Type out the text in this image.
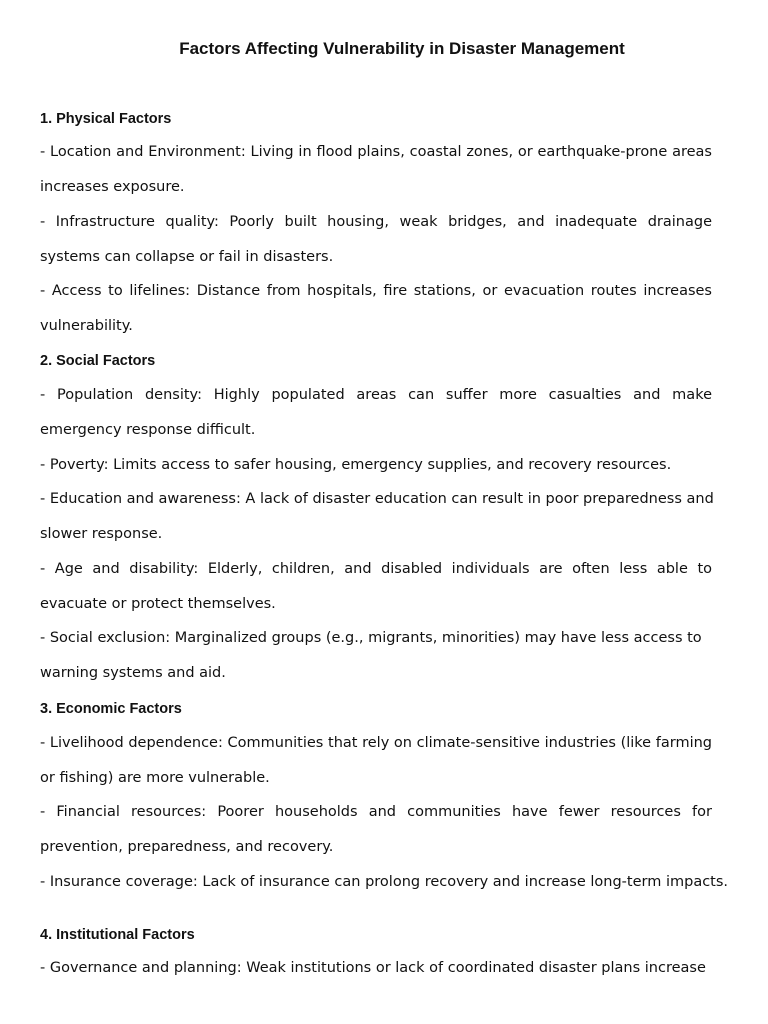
Factors Affecting Vulnerability in Disaster Management
1. Physical Factors

- Location and Environment: Living in flood plains, coastal zones, or earthquake-prone areas increases exposure.

- Infrastructure quality: Poorly built housing, weak bridges, and inadequate drainage systems can collapse or fail in disasters.

- Access to lifelines: Distance from hospitals, fire stations, or evacuation routes increases vulnerability.

2. Social Factors

- Population density: Highly populated areas can suffer more casualties and make emergency response difficult.

- Poverty: Limits access to safer housing, emergency supplies, and recovery resources.

- Education and awareness: A lack of disaster education can result in poor preparedness and slower response.

- Age and disability: Elderly, children, and disabled individuals are often less able to evacuate or protect themselves.

- Social exclusion: Marginalized groups (e.g., migrants, minorities) may have less access to warning systems and aid.

3. Economic Factors

- Livelihood dependence: Communities that rely on climate-sensitive industries (like farming or fishing) are more vulnerable.

- Financial resources: Poorer households and communities have fewer resources for prevention, preparedness, and recovery.

- Insurance coverage: Lack of insurance can prolong recovery and increase long-term impacts.

4. Institutional Factors

- Governance and planning: Weak institutions or lack of coordinated disaster plans increase
